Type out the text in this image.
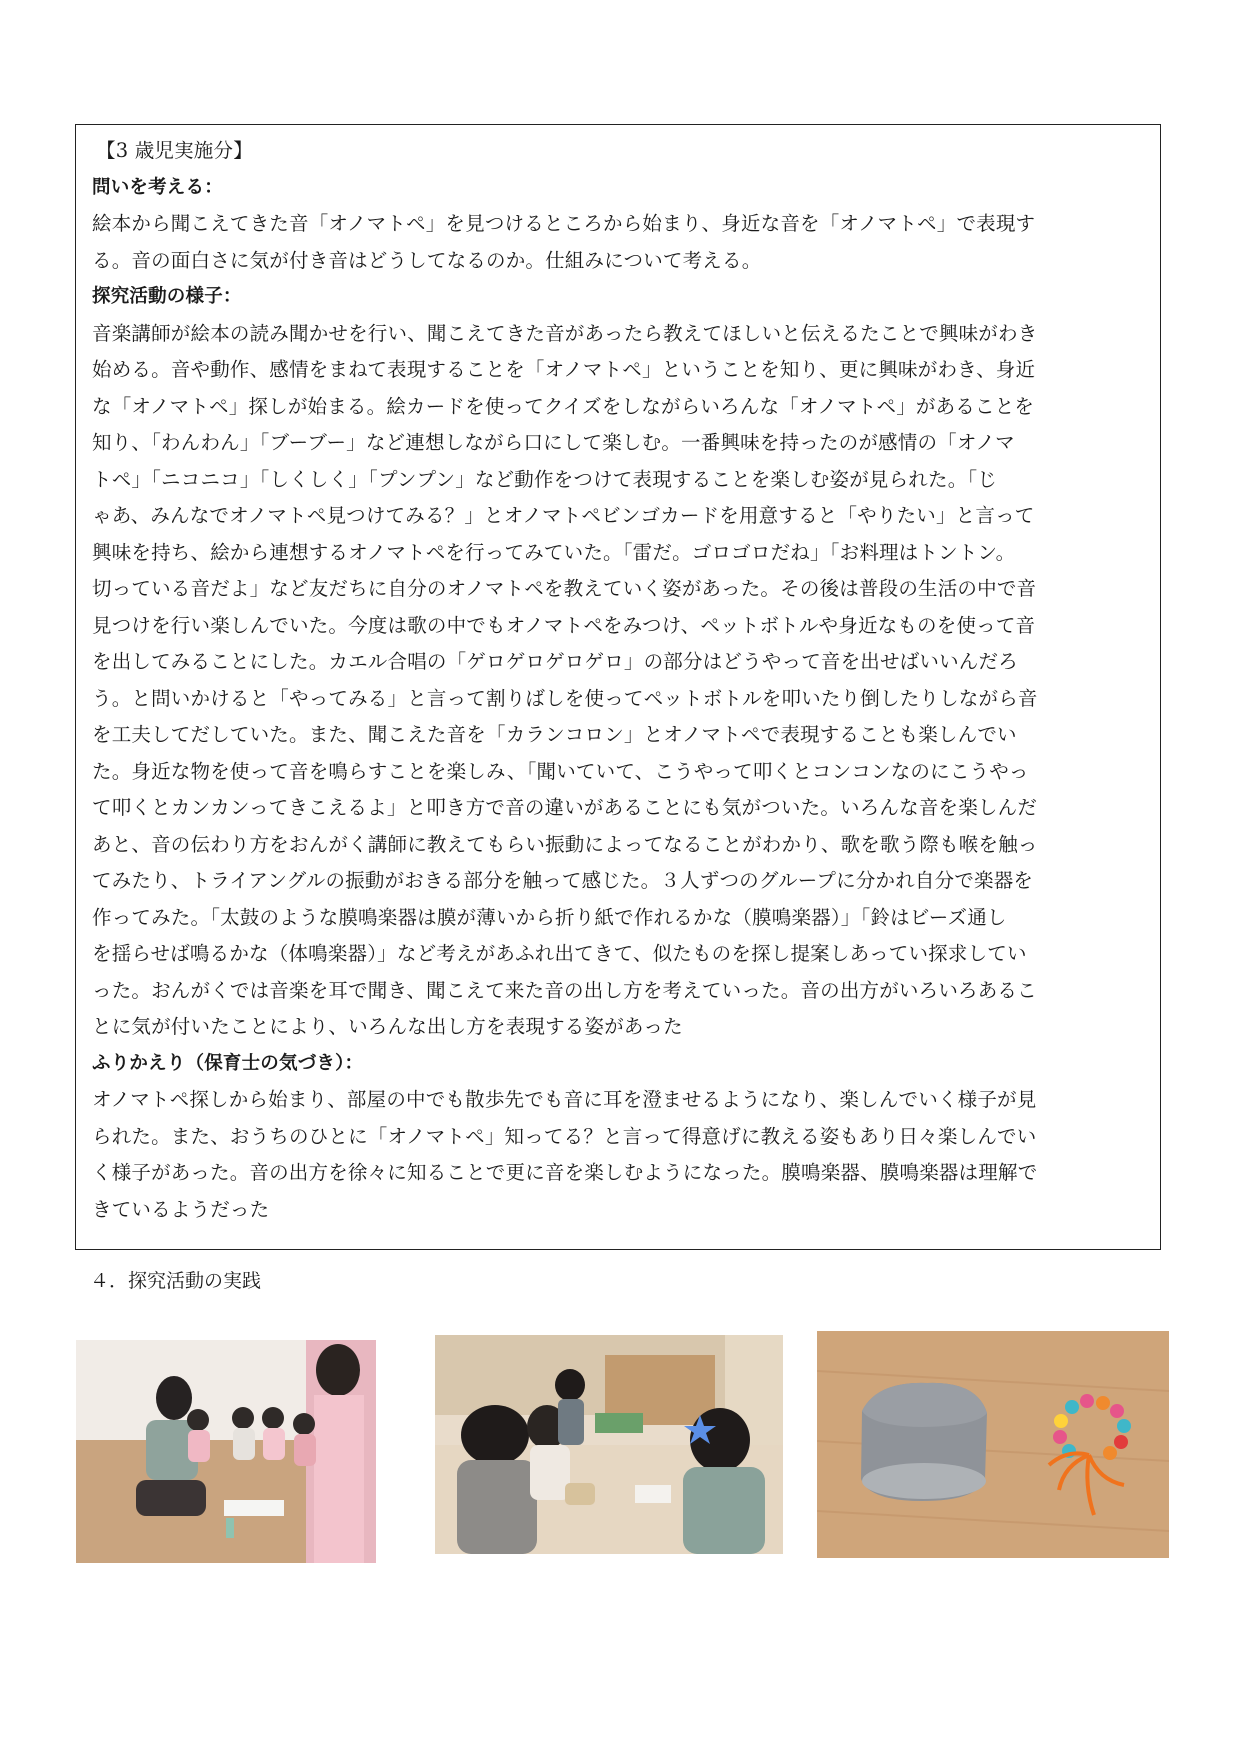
【3 歳児実施分】
問いを考える：
絵本から聞こえてきた音「オノマトペ」を見つけるところから始まり、身近な音を「オノマトペ」で表現す
る。音の面白さに気が付き音はどうしてなるのか。仕組みについて考える。
探究活動の様子：
音楽講師が絵本の読み聞かせを行い、聞こえてきた音があったら教えてほしいと伝えるたことで興味がわき
始める。音や動作、感情をまねて表現することを「オノマトペ」ということを知り、更に興味がわき、身近
な「オノマトペ」探しが始まる。絵カードを使ってクイズをしながらいろんな「オノマトペ」があることを
知り、「わんわん」「ブーブー」など連想しながら口にして楽しむ。一番興味を持ったのが感情の「オノマ
トペ」「ニコニコ」「しくしく」「プンプン」など動作をつけて表現することを楽しむ姿が見られた。「じ
ゃあ、みんなでオノマトペ見つけてみる？」とオノマトペビンゴカードを用意すると「やりたい」と言って
興味を持ち、絵から連想するオノマトペを行ってみていた。「雷だ。ゴロゴロだね」「お料理はトントン。
切っている音だよ」など友だちに自分のオノマトペを教えていく姿があった。その後は普段の生活の中で音
見つけを行い楽しんでいた。今度は歌の中でもオノマトペをみつけ、ペットボトルや身近なものを使って音
を出してみることにした。カエル合唱の「ゲロゲロゲロゲロ」の部分はどうやって音を出せばいいんだろ
う。と問いかけると「やってみる」と言って割りばしを使ってペットボトルを叩いたり倒したりしながら音
を工夫してだしていた。また、聞こえた音を「カランコロン」とオノマトペで表現することも楽しんでい
た。身近な物を使って音を鳴らすことを楽しみ、「聞いていて、こうやって叩くとコンコンなのにこうやっ
て叩くとカンカンってきこえるよ」と叩き方で音の違いがあることにも気がついた。いろんな音を楽しんだ
あと、音の伝わり方をおんがく講師に教えてもらい振動によってなることがわかり、歌を歌う際も喉を触っ
てみたり、トライアングルの振動がおきる部分を触って感じた。３人ずつのグループに分かれ自分で楽器を
作ってみた。「太鼓のような膜鳴楽器は膜が薄いから折り紙で作れるかな（膜鳴楽器）」「鈴はビーズ通し
を揺らせば鳴るかな（体鳴楽器）」など考えがあふれ出てきて、似たものを探し提案しあってい探求してい
った。おんがくでは音楽を耳で聞き、聞こえて来た音の出し方を考えていった。音の出方がいろいろあるこ
とに気が付いたことにより、いろんな出し方を表現する姿があった
ふりかえり（保育士の気づき）：
オノマトペ探しから始まり、部屋の中でも散歩先でも音に耳を澄ませるようになり、楽しんでいく様子が見
られた。また、おうちのひとに「オノマトペ」知ってる？と言って得意げに教える姿もあり日々楽しんでい
く様子があった。音の出方を徐々に知ることで更に音を楽しむようになった。膜鳴楽器、膜鳴楽器は理解で
きているようだった
４．探究活動の実践
